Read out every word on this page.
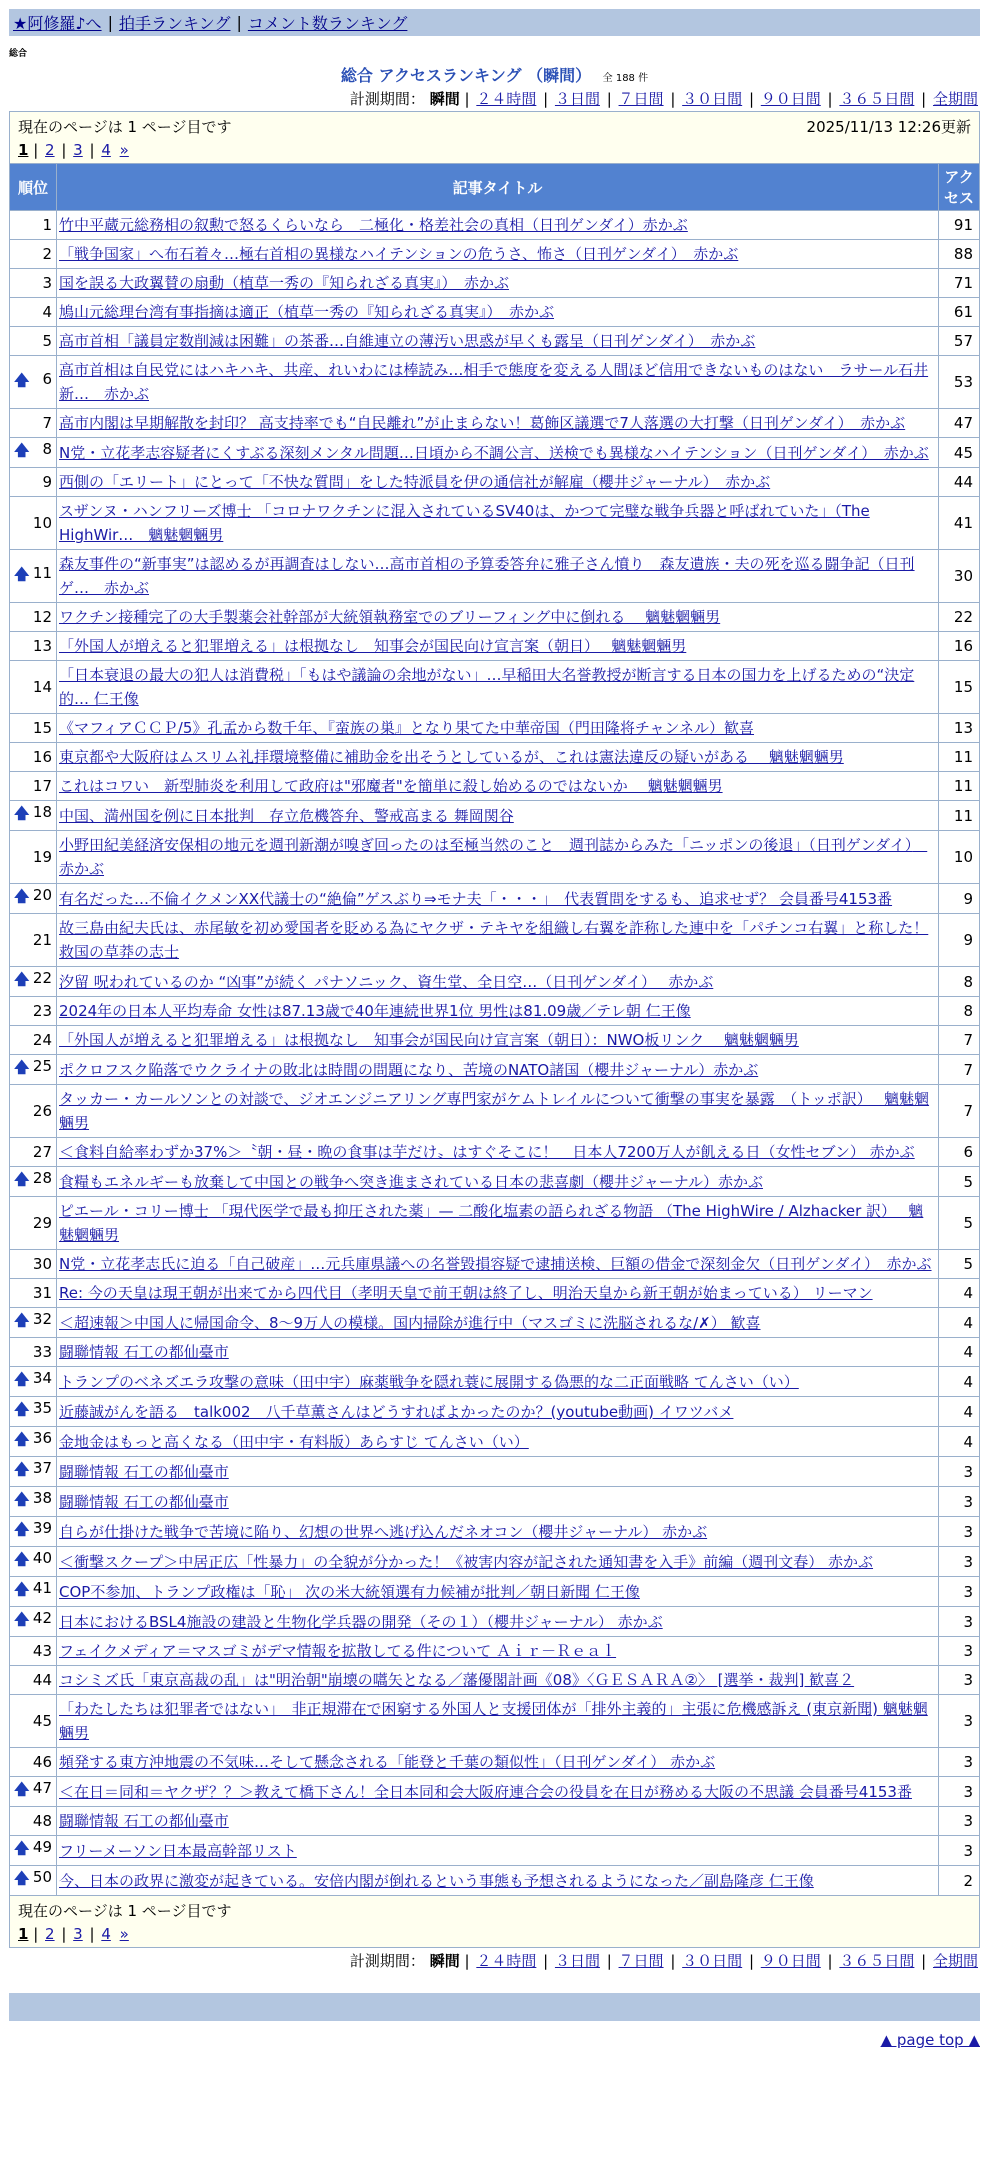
★阿修羅♪へ | 拍手ランキング | コメント数ランキング
総合
総合 アクセスランキング （瞬間） 全 188 件
計測期間： 瞬間 | ２４時間 | ３日間 | ７日間 | ３０日間 | ９０日間 | ３６５日間 | 全期間
現在のページは 1 ページ目です 2025/11/13 12:26更新
1 | 2 | 3 | 4 »		

順位	記事タイトル	アクセス
1	竹中平蔵元総務相の叙勲で怒るくらいなら　二極化・格差社会の真相（日刊ゲンダイ）赤かぶ	91
2	「戦争国家」へ布石着々…極右首相の異様なハイテンションの危うさ、怖さ（日刊ゲンダイ）　赤かぶ	88
3	国を誤る大政翼賛の扇動（植草一秀の『知られざる真実』）　赤かぶ	71
4	鳩山元総理台湾有事指摘は適正（植草一秀の『知られざる真実』）　赤かぶ	61
5	高市首相「議員定数削減は困難」の茶番…自維連立の薄汚い思惑が早くも露呈（日刊ゲンダイ）　赤かぶ	57

🡅 6	高市首相は自民党にはハキハキ、共産、れいわには棒読み…相手で態度を変える人間ほど信用できないものはない　ラサール石井 新…　赤かぶ	53
7	高市内閣は早期解散を封印？ 高支持率でも“自民離れ”が止まらない！葛飾区議選で7人落選の大打撃（日刊ゲンダイ）　赤かぶ	47

🡅 8	N党・立花孝志容疑者にくすぶる深刻メンタル問題…日頃から不調公言、送検でも異様なハイテンション（日刊ゲンダイ）　赤かぶ	45
9	西側の「エリート」にとって「不快な質問」をした特派員を伊の通信社が解雇（櫻井ジャーナル）　赤かぶ	44
10	スザンヌ・ハンフリーズ博士 「コロナワクチンに混入されているSV40は、かつて完璧な戦争兵器と呼ばれていた」（The HighWir…　魑魅魍魎男	41

🡅 11	森友事件の“新事実”は認めるが再調査はしない…高市首相の予算委答弁に雅子さん憤り　森友遺族・夫の死を巡る闘争記（日刊ゲ…　赤かぶ	30
12	ワクチン接種完了の大手製薬会社幹部が大統領執務室でのブリーフィング中に倒れる　 魑魅魍魎男	22
13	「外国人が増えると犯罪増える」は根拠なし　知事会が国民向け宣言案（朝日）　 魑魅魍魎男	16
14	「日本衰退の最大の犯人は消費税」「もはや議論の余地がない」…早稲田大名誉教授が断言する日本の国力を上げるための“決定的… 仁王像	15
15	《マフィアＣＣＰ/5》孔孟から数千年、『蛮族の巣』となり果てた中華帝国（門田隆将チャンネル）歓喜	13
16	東京都や大阪府はムスリム礼拝環境整備に補助金を出そうとしているが、これは憲法違反の疑いがある　 魑魅魍魎男	11
17	これはコワい　新型肺炎を利用して政府は"邪魔者"を簡単に殺し始めるのではないか　 魑魅魍魎男	11

🡅 18	中国、満州国を例に日本批判　存立危機答弁、警戒高まる 舞岡関谷	11
19	小野田紀美経済安保相の地元を週刊新潮が嗅ぎ回ったのは至極当然のこと　週刊誌からみた「ニッポンの後退」（日刊ゲンダイ）　赤かぶ	10

🡅 20	有名だった…不倫イクメンXX代議士の“絶倫”ゲスぶり⇒モナ夫「・・・」　代表質問をするも、追求せず？ 会員番号4153番	9
21	故三島由紀夫氏は、赤尾敏を初め愛国者を貶める為にヤクザ・テキヤを組織し右翼を詐称した連中を「パチンコ右翼」と称した！ 救国の草莽の志士	9

🡅 22	汐留 呪われているのか “凶事”が続く パナソニック、資生堂、全日空…（日刊ゲンダイ）　 赤かぶ	8
23	2024年の日本人平均寿命 女性は87.13歳で40年連続世界1位 男性は81.09歳／テレ朝 仁王像	8
24	「外国人が増えると犯罪増える」は根拠なし　知事会が国民向け宣言案（朝日）：NWO板リンク　 魑魅魍魎男	7

🡅 25	ポクロフスク陥落でウクライナの敗北は時間の問題になり、苦境のNATO諸国（櫻井ジャーナル）赤かぶ	7
26	タッカー・カールソンとの対談で、ジオエンジニアリング専門家がケムトレイルについて衝撃の事実を暴露　（トッポ訳）　 魑魅魍魎男	7
27	＜食料自給率わずか37%＞〝朝・昼・晩の食事は芋だけ〟はすぐそこに！　日本人7200万人が飢える日（女性セブン） 赤かぶ	6

🡅 28	食糧もエネルギーも放棄して中国との戦争へ突き進まされている日本の悲喜劇（櫻井ジャーナル）赤かぶ	5
29	ピエール・コリー博士 「現代医学で最も抑圧された薬」— 二酸化塩素の語られざる物語 （The HighWire / Alzhacker 訳）　 魑魅魍魎男	5
30	N党・立花孝志氏に迫る「自己破産」…元兵庫県議への名誉毀損容疑で逮捕送検、巨額の借金で深刻金欠（日刊ゲンダイ）　赤かぶ	5
31	Re: 今の天皇は現王朝が出来てから四代目（孝明天皇で前王朝は終了し、明治天皇から新王朝が始まっている） リーマン	4

🡅 32	＜超速報＞中国人に帰国命令、8～9万人の模様。国内掃除が進行中（マスゴミに洗脳されるな/✗） 歓喜	4
33	闘聯情報 石工の都仙臺市	4

🡅 34	トランプのベネズエラ攻撃の意味（田中宇）麻薬戦争を隠れ蓑に展開する偽悪的な二正面戦略 てんさい（い）	4

🡅 35	近藤誠がんを語る　talk002　八千草薫さんはどうすればよかったのか？(youtube動画) イワツバメ	4

🡅 36	金地金はもっと高くなる（田中宇・有料版）あらすじ てんさい（い）	4

🡅 37	闘聯情報 石工の都仙臺市	3

🡅 38	闘聯情報 石工の都仙臺市	3

🡅 39	自らが仕掛けた戦争で苦境に陥り、幻想の世界へ逃げ込んだネオコン（櫻井ジャーナル） 赤かぶ	3

🡅 40	＜衝撃スクープ＞中居正広「性暴力」の全貌が分かった！《被害内容が記された通知書を入手》前編（週刊文春） 赤かぶ	3

🡅 41	COP不参加、トランプ政権は「恥」 次の米大統領選有力候補が批判／朝日新聞 仁王像	3

🡅 42	日本におけるBSL4施設の建設と生物化学兵器の開発（その１）（櫻井ジャーナル） 赤かぶ	3
43	フェイクメディア＝マスゴミがデマ情報を拡散してる件について Ａｉｒ－Ｒｅａｌ	3
44	コシミズ氏「東京高裁の乱」は"明治朝"崩壊の嚆矢となる／藩優閣計画《08》〈ＧＥＳＡＲＡ②〉 [選挙・裁判] 歓喜２	3
45	「わたしたちは犯罪者ではない」　非正規滞在で困窮する外国人と支援団体が「排外主義的」主張に危機感訴え (東京新聞) 魑魅魍魎男	3
46	頻発する東方沖地震の不気味…そして懸念される「能登と千葉の類似性」（日刊ゲンダイ） 赤かぶ	3

🡅 47	＜在日＝同和＝ヤクザ？？＞教えて橋下さん！全日本同和会大阪府連合会の役員を在日が務める大阪の不思議 会員番号4153番	3
48	闘聯情報 石工の都仙臺市	3

🡅 49	フリーメーソン日本最高幹部リスト	3

🡅 50	今、日本の政界に激変が起きている。安倍内閣が倒れるという事態も予想されるようになった／副島隆彦 仁王像	2

現在のページは 1 ページ目です
1 | 2 | 3 | 4 »		
計測期間： 瞬間 | ２４時間 | ３日間 | ７日間 | ３０日間 | ９０日間 | ３６５日間 | 全期間
▲ page top ▲
